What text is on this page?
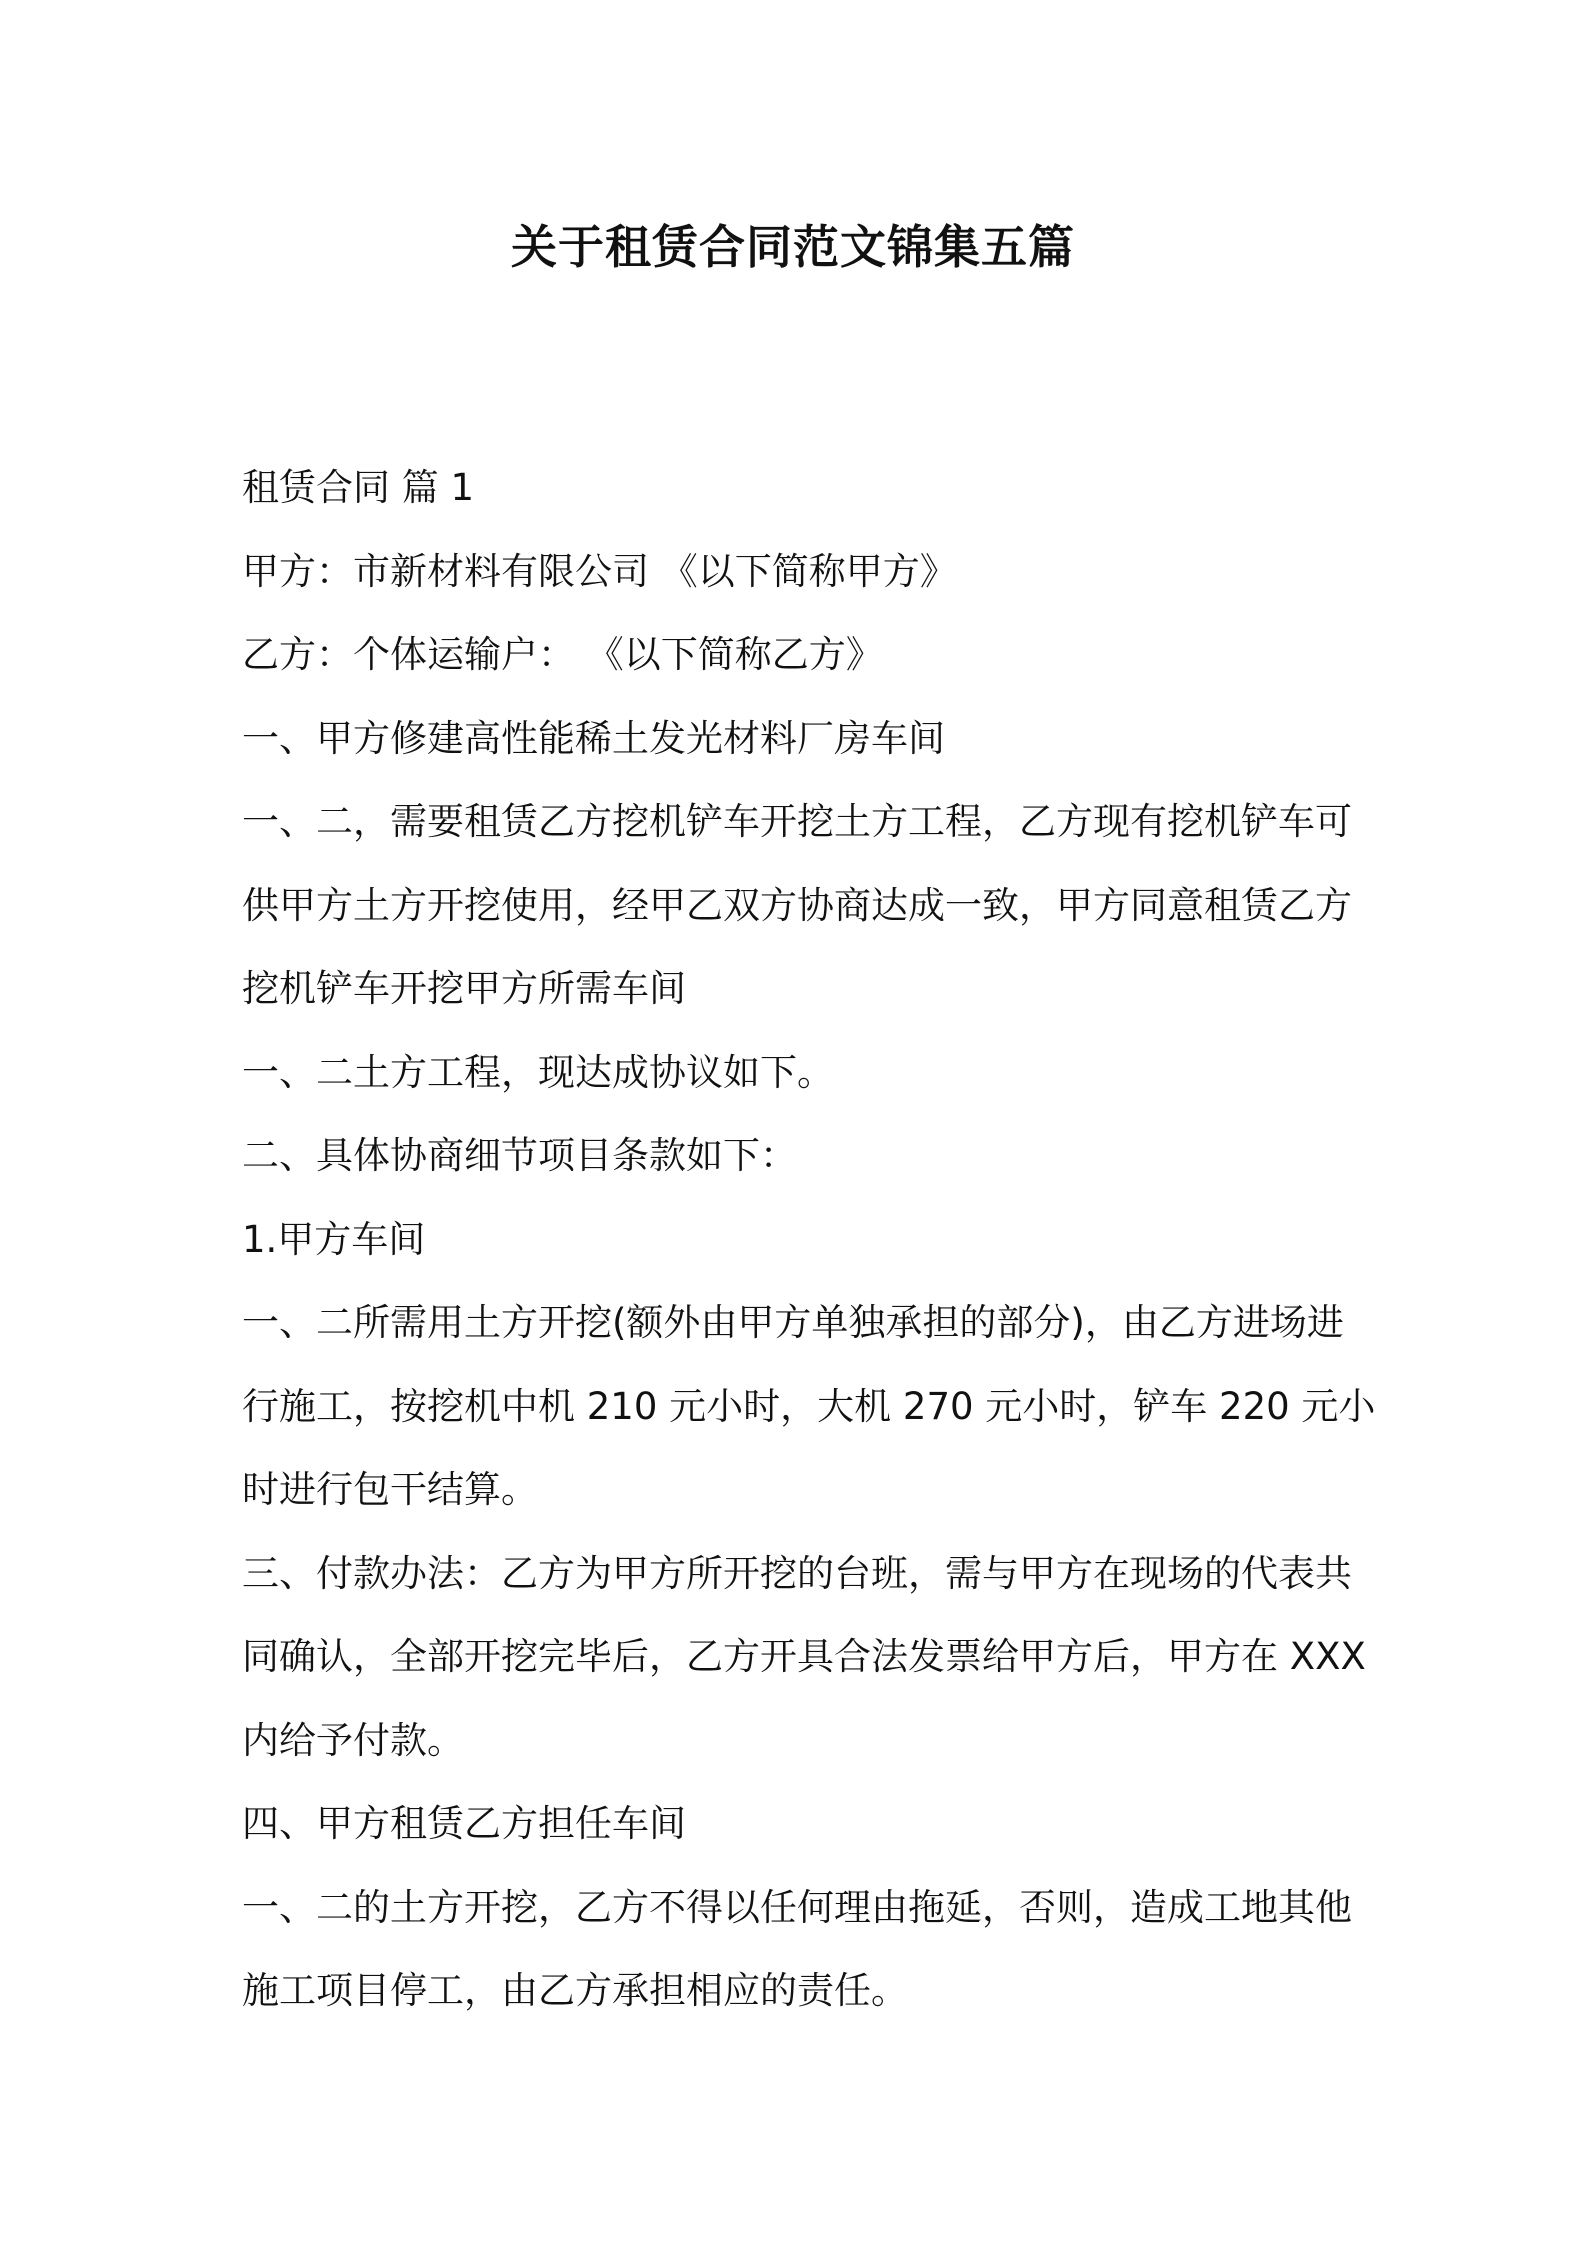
关于租赁合同范文锦集五篇
租赁合同 篇 1
甲方：市新材料有限公司 《以下简称甲方》
乙方：个体运输户： 《以下简称乙方》
一、甲方修建高性能稀土发光材料厂房车间
一、二，需要租赁乙方挖机铲车开挖土方工程，乙方现有挖机铲车可
供甲方土方开挖使用，经甲乙双方协商达成一致，甲方同意租赁乙方
挖机铲车开挖甲方所需车间
一、二土方工程，现达成协议如下。
二、具体协商细节项目条款如下：
1.甲方车间
一、二所需用土方开挖(额外由甲方单独承担的部分)，由乙方进场进
行施工，按挖机中机 210 元小时，大机 270 元小时，铲车 220 元小
时进行包干结算。
三、付款办法：乙方为甲方所开挖的台班，需与甲方在现场的代表共
同确认，全部开挖完毕后，乙方开具合法发票给甲方后，甲方在 XXX
内给予付款。
四、甲方租赁乙方担任车间
一、二的土方开挖，乙方不得以任何理由拖延，否则，造成工地其他
施工项目停工，由乙方承担相应的责任。
